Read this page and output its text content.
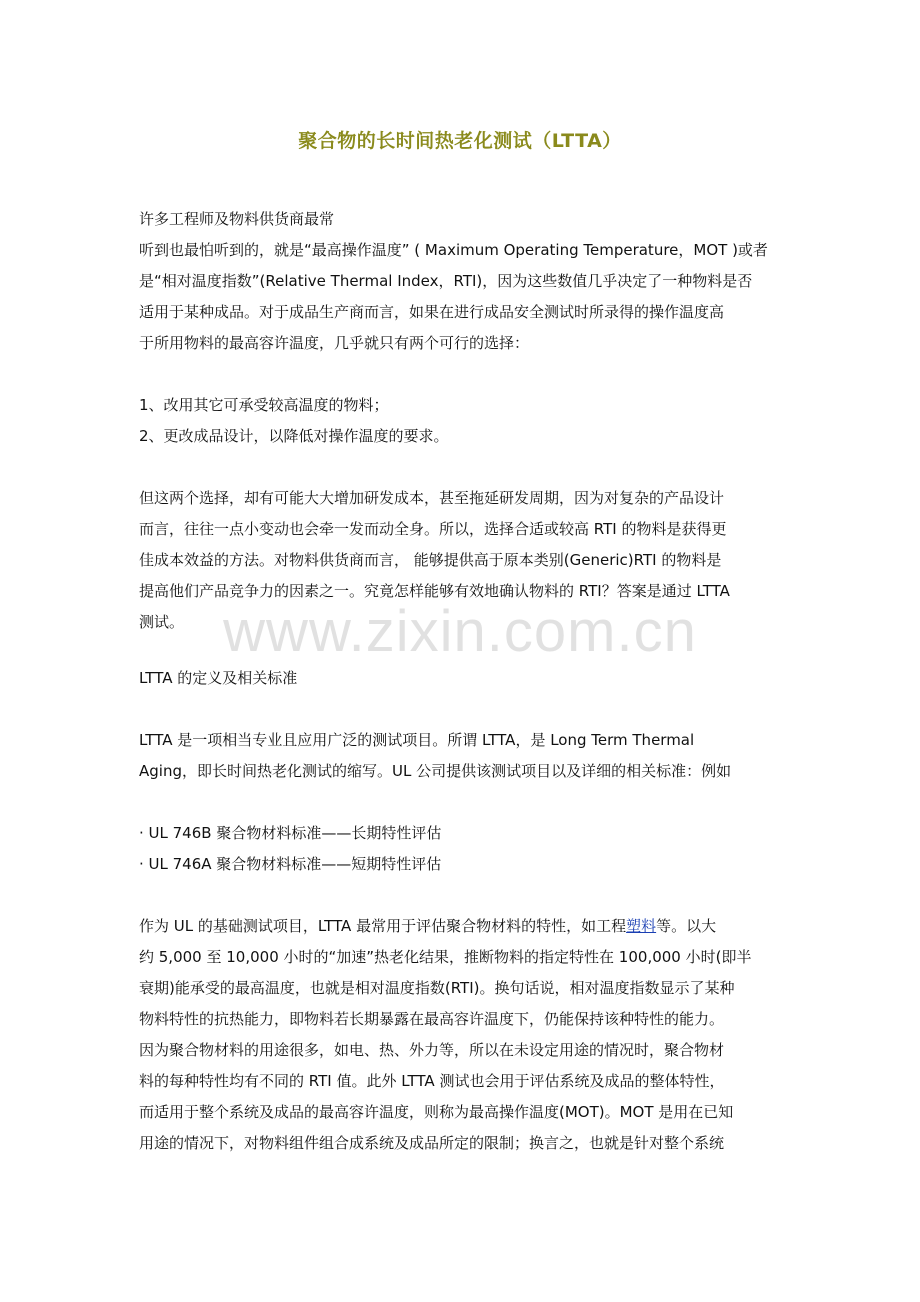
聚合物的长时间热老化测试（LTTA）
www.zixin.com.cn
许多工程师及物料供货商最常
听到也最怕听到的，就是“最高操作温度” ( Maximum Operating Temperature，MOT )或者
是“相对温度指数”(Relative Thermal Index，RTI)，因为这些数值几乎决定了一种物料是否
适用于某种成品。对于成品生产商而言，如果在进行成品安全测试时所录得的操作温度高
于所用物料的最高容许温度，几乎就只有两个可行的选择：
1、改用其它可承受较高温度的物料；
2、更改成品设计，以降低对操作温度的要求。
但这两个选择，却有可能大大增加研发成本，甚至拖延研发周期，因为对复杂的产品设计
而言，往往一点小变动也会牵一发而动全身。所以，选择合适或较高 RTI 的物料是获得更
佳成本效益的方法。对物料供货商而言， 能够提供高于原本类别(Generic)RTI 的物料是
提高他们产品竞争力的因素之一。究竟怎样能够有效地确认物料的 RTI？答案是通过 LTTA
测试。
LTTA 的定义及相关标准
LTTA 是一项相当专业且应用广泛的测试项目。所谓 LTTA，是 Long Term Thermal
Aging，即长时间热老化测试的缩写。UL 公司提供该测试项目以及详细的相关标准：例如
· UL 746B 聚合物材料标准——长期特性评估
· UL 746A 聚合物材料标准——短期特性评估
作为 UL 的基础测试项目，LTTA 最常用于评估聚合物材料的特性，如工程塑料等。以大
约 5,000 至 10,000 小时的“加速”热老化结果，推断物料的指定特性在 100,000 小时(即半
衰期)能承受的最高温度，也就是相对温度指数(RTI)。换句话说，相对温度指数显示了某种
物料特性的抗热能力，即物料若长期暴露在最高容许温度下，仍能保持该种特性的能力。
因为聚合物材料的用途很多，如电、热、外力等，所以在未设定用途的情况时，聚合物材
料的每种特性均有不同的 RTI 值。此外 LTTA 测试也会用于评估系统及成品的整体特性，
而适用于整个系统及成品的最高容许温度，则称为最高操作温度(MOT)。MOT 是用在已知
用途的情况下，对物料组件组合成系统及成品所定的限制；换言之，也就是针对整个系统
